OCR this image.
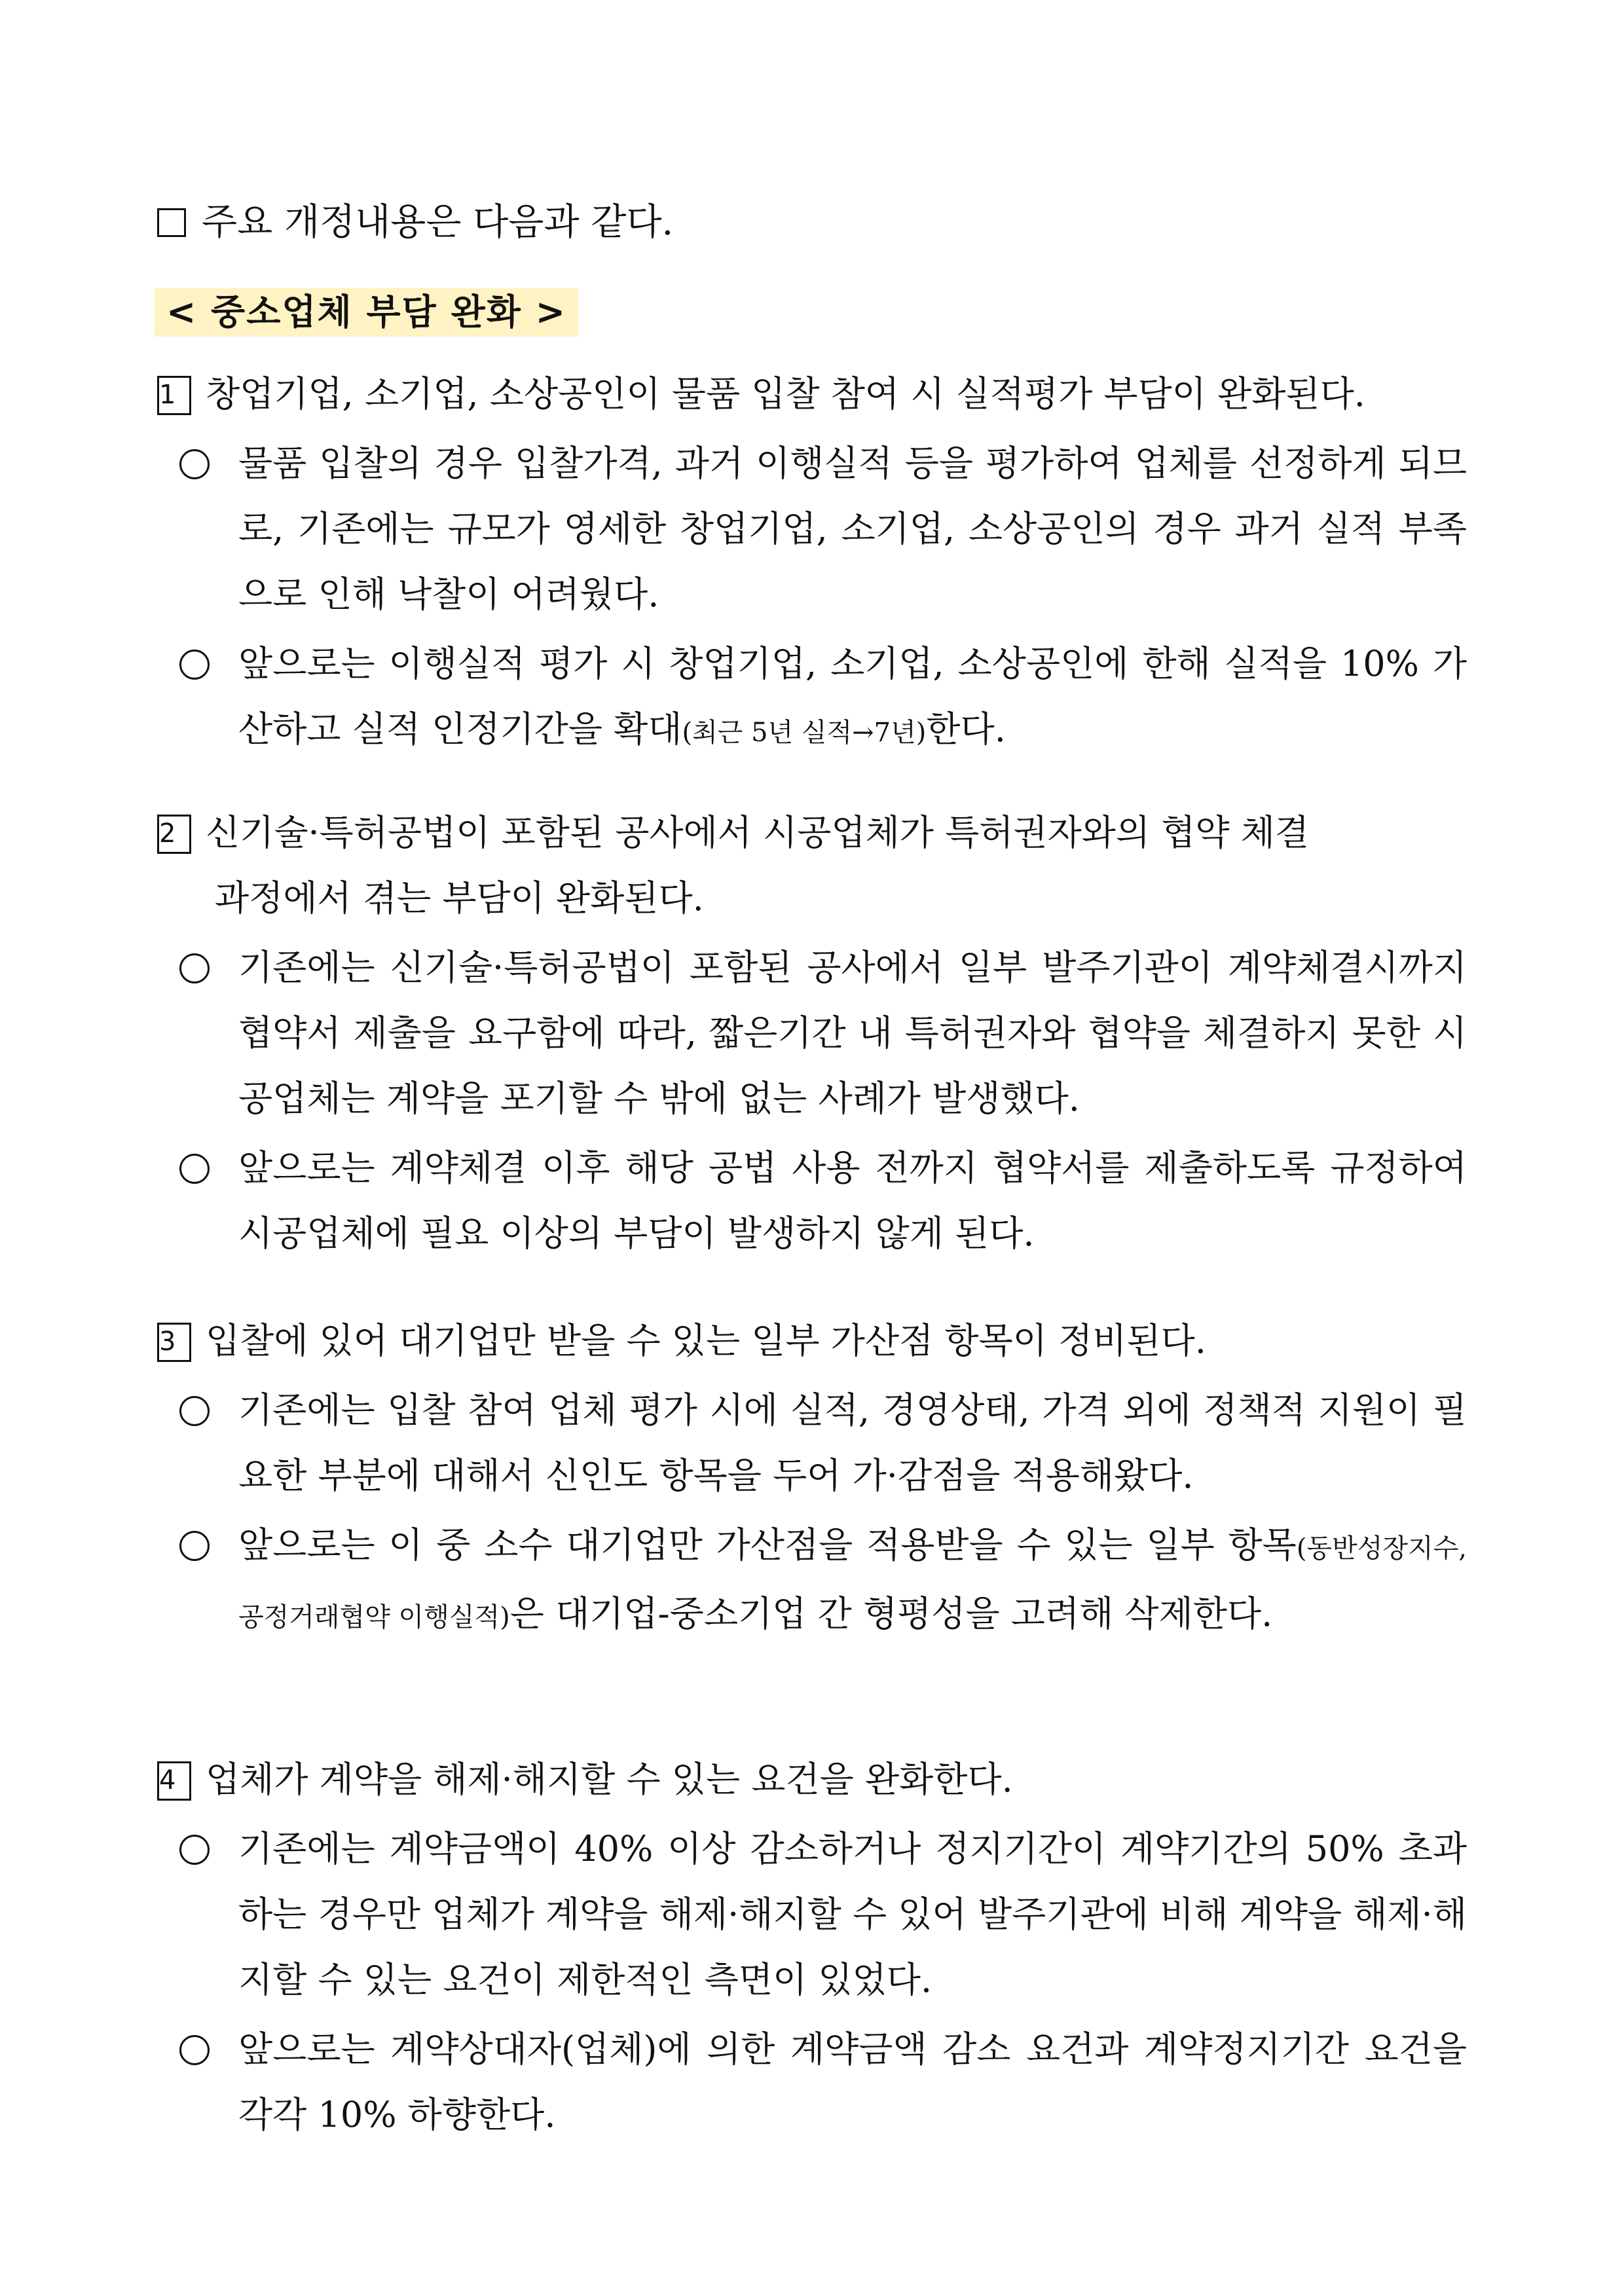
주요 개정내용은 다음과 같다.
< 중소업체 부담 완화 >
1 창업기업, 소기업, 소상공인이 물품 입찰 참여 시 실적평가 부담이 완화된다.
물품 입찰의 경우 입찰가격, 과거 이행실적 등을 평가하여 업체를 선정하게 되므로, 기존에는 규모가 영세한 창업기업, 소기업, 소상공인의 경우 과거 실적 부족으로 인해 낙찰이 어려웠다.
앞으로는 이행실적 평가 시 창업기업, 소기업, 소상공인에 한해 실적을 10% 가산하고 실적 인정기간을 확대(최근 5년 실적→7년)한다.
2 신기술·특허공법이 포함된 공사에서 시공업체가 특허권자와의 협약 체결
과정에서 겪는 부담이 완화된다.
기존에는 신기술·특허공법이 포함된 공사에서 일부 발주기관이 계약체결시까지 협약서 제출을 요구함에 따라, 짧은기간 내 특허권자와 협약을 체결하지 못한 시공업체는 계약을 포기할 수 밖에 없는 사례가 발생했다.
앞으로는 계약체결 이후 해당 공법 사용 전까지 협약서를 제출하도록 규정하여 시공업체에 필요 이상의 부담이 발생하지 않게 된다.
3 입찰에 있어 대기업만 받을 수 있는 일부 가산점 항목이 정비된다.
기존에는 입찰 참여 업체 평가 시에 실적, 경영상태, 가격 외에 정책적 지원이 필요한 부분에 대해서 신인도 항목을 두어 가·감점을 적용해왔다.
앞으로는 이 중 소수 대기업만 가산점을 적용받을 수 있는 일부 항목(동반성장지수, 공정거래협약 이행실적)은 대기업-중소기업 간 형평성을 고려해 삭제한다.
4 업체가 계약을 해제·해지할 수 있는 요건을 완화한다.
기존에는 계약금액이 40% 이상 감소하거나 정지기간이 계약기간의 50% 초과하는 경우만 업체가 계약을 해제·해지할 수 있어 발주기관에 비해 계약을 해제·해지할 수 있는 요건이 제한적인 측면이 있었다.
앞으로는 계약상대자(업체)에 의한 계약금액 감소 요건과 계약정지기간 요건을 각각 10% 하향한다.
